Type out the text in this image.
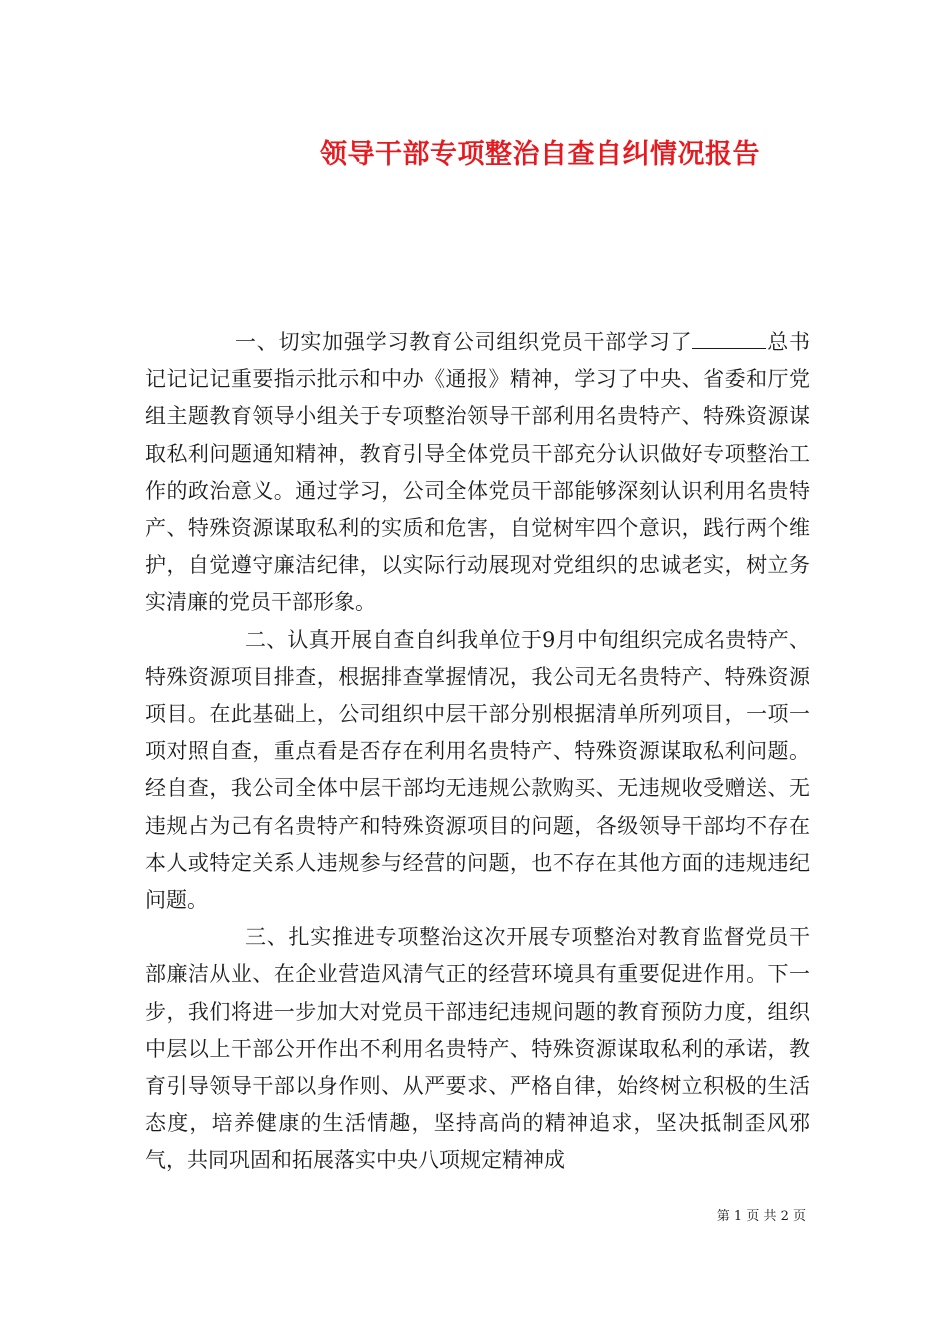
领导干部专项整治自查自纠情况报告

一、切实加强学习教育公司组织党员干部学习了	总书记记记记重要指示批示和中办《通报》精神，学习了中央、省委和厅党组主题教育领导小组关于专项整治领导干部利用名贵特产、特殊资源谋取私利问题通知精神，教育引导全体党员干部充分认识做好专项整治工作的政治意义。通过学习，公司全体党员干部能够深刻认识利用名贵特产、特殊资源谋取私利的实质和危害，自觉树牢四个意识，践行两个维护，自觉遵守廉洁纪律，以实际行动展现对党组织的忠诚老实，树立务实清廉的党员干部形象。

二、认真开展自查自纠我单位于9月中旬组织完成名贵特产、特殊资源项目排查，根据排查掌握情况，我公司无名贵特产、特殊资源项目。在此基础上，公司组织中层干部分别根据清单所列项目，一项一项对照自查，重点看是否存在利用名贵特产、特殊资源谋取私利问题。经自查，我公司全体中层干部均无违规公款购买、无违规收受赠送、无违规占为己有名贵特产和特殊资源项目的问题，各级领导干部均不存在本人或特定关系人违规参与经营的问题，也不存在其他方面的违规违纪问题。

三、扎实推进专项整治这次开展专项整治对教育监督党员干部廉洁从业、在企业营造风清气正的经营环境具有重要促进作用。下一步，我们将进一步加大对党员干部违纪违规问题的教育预防力度，组织中层以上干部公开作出不利用名贵特产、特殊资源谋取私利的承诺，教育引导领导干部以身作则、从严要求、严格自律，始终树立积极的生活态度，培养健康的生活情趣，坚持高尚的精神追求，坚决抵制歪风邪气，共同巩固和拓展落实中央八项规定精神成

第 1 页 共 2 页
